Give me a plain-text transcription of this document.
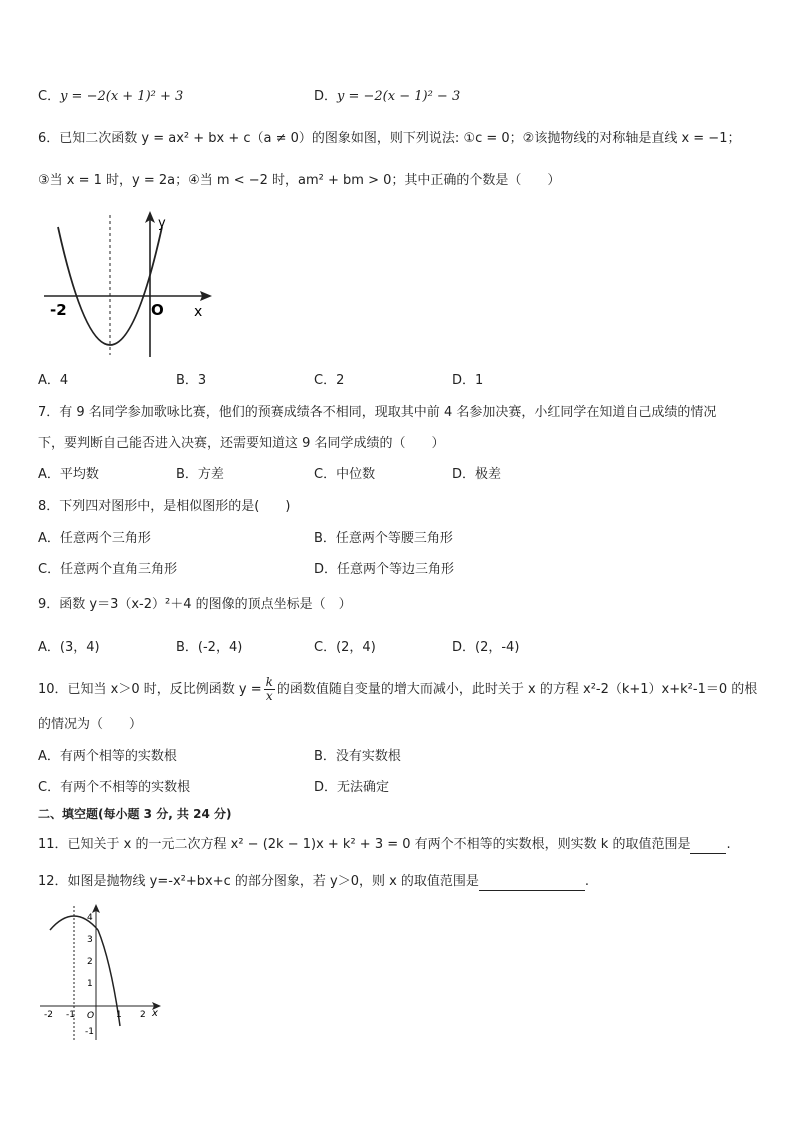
C．y = −2(x + 1)² + 3	D．y = −2(x − 1)² − 3
6．已知二次函数 y = ax² + bx + c（a ≠ 0）的图象如图，则下列说法: ①c = 0；②该抛物线的对称轴是直线 x = −1；
③当 x = 1 时，y = 2a；④当 m < −2 时，am² + bm > 0；其中正确的个数是（　　）
y
x
O
-2
A．4	B．3	C．2	D．1
7．有 9 名同学参加歌咏比赛，他们的预赛成绩各不相同，现取其中前 4 名参加决赛，小红同学在知道自己成绩的情况
下，要判断自己能否进入决赛，还需要知道这 9 名同学成绩的（　　）
A．平均数	B．方差	C．中位数	D．极差
8．下列四对图形中，是相似图形的是(　　)
A．任意两个三角形	B．任意两个等腰三角形
C．任意两个直角三角形	D．任意两个等边三角形
9．函数 y＝3（x-2）²＋4 的图像的顶点坐标是（　）
A．(3，4)	B．(-2，4)	C．(2，4)	D．(2，-4)
10．已知当 x＞0 时，反比例函数 $y = \frac{k}{x}$ 的函数值随自变量的增大而减小，此时关于 x 的方程 x²-2（k+1）x+k²-1＝0 的根
的情况为（　　）
A．有两个相等的实数根	B．没有实数根
C．有两个不相等的实数根	D．无法确定
二、填空题(每小题 3 分, 共 24 分)
11．已知关于 x 的一元二次方程 x² − (2k − 1)x + k² + 3 = 0 有两个不相等的实数根，则实数 k 的取值范围是	.
12．如图是抛物线 y=-x²+bx+c 的部分图象，若 y＞0，则 x 的取值范围是	.
4
3
2
1
-1
-2 -1 O 1 2 x
